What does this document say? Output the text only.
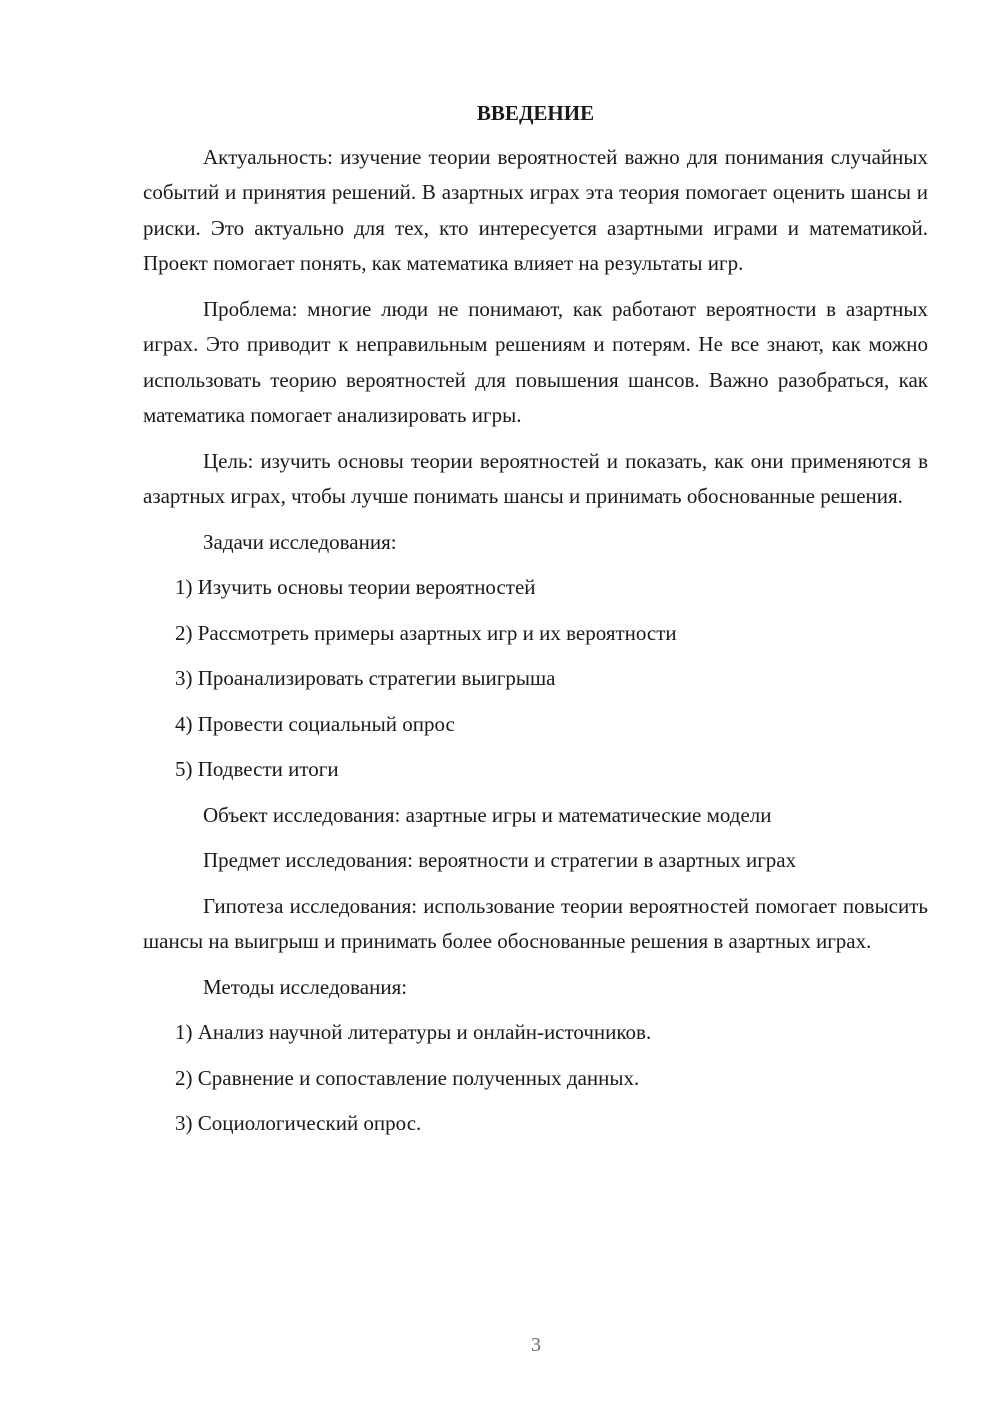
ВВЕДЕНИЕ

Актуальность: изучение теории вероятностей важно для понимания случайных событий и принятия решений. В азартных играх эта теория помогает оценить шансы и риски. Это актуально для тех, кто интересуется азартными играми и математикой. Проект помогает понять, как математика влияет на результаты игр.

Проблема: многие люди не понимают, как работают вероятности в азартных играх. Это приводит к неправильным решениям и потерям. Не все знают, как можно использовать теорию вероятностей для повышения шансов. Важно разобраться, как математика помогает анализировать игры.

Цель: изучить основы теории вероятностей и показать, как они применяются в азартных играх, чтобы лучше понимать шансы и принимать обоснованные решения.

Задачи исследования:
1) Изучить основы теории вероятностей
2) Рассмотреть примеры азартных игр и их вероятности
3) Проанализировать стратегии выигрыша
4) Провести социальный опрос
5) Подвести итоги
Объект исследования: азартные игры и математические модели
Предмет исследования: вероятности и стратегии в азартных играх

Гипотеза исследования: использование теории вероятностей помогает повысить шансы на выигрыш и принимать более обоснованные решения в азартных играх.

Методы исследования:
1) Анализ научной литературы и онлайн-источников.
2) Сравнение и сопоставление полученных данных.
3) Социологический опрос.
3
